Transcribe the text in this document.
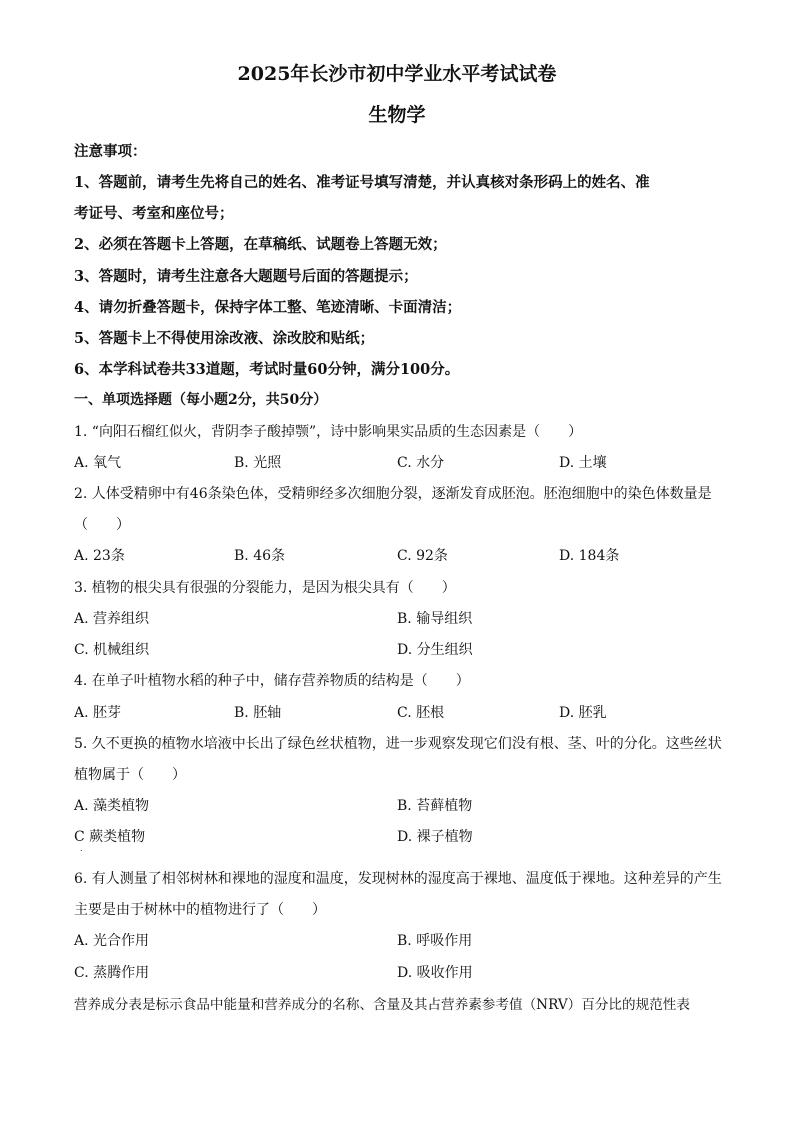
2025年长沙市初中学业水平考试试卷
生物学
注意事项：
1、答题前，请考生先将自己的姓名、准考证号填写清楚，并认真核对条形码上的姓名、准
考证号、考室和座位号；
2、必须在答题卡上答题，在草稿纸、试题卷上答题无效；
3、答题时，请考生注意各大题题号后面的答题提示；
4、请勿折叠答题卡，保持字体工整、笔迹清晰、卡面清洁；
5、答题卡上不得使用涂改液、涂改胶和贴纸；
6、本学科试卷共33道题，考试时量60分钟，满分100分。
一、单项选择题（每小题2分，共50分）
1. “向阳石榴红似火，背阴李子酸掉颚”，诗中影响果实品质的生态因素是（　　）
A. 氧气	B. 光照	C. 水分	D. 土壤
2. 人体受精卵中有46条染色体，受精卵经多次细胞分裂，逐渐发育成胚泡。胚泡细胞中的染色体数量是
（　　）
A. 23条	B. 46条	C. 92条	D. 184条
3. 植物的根尖具有很强的分裂能力，是因为根尖具有（　　）
A. 营养组织	B. 输导组织
C. 机械组织	D. 分生组织
4. 在单子叶植物水稻的种子中，储存营养物质的结构是（　　）
A. 胚芽	B. 胚轴	C. 胚根	D. 胚乳
5. 久不更换的植物水培液中长出了绿色丝状植物，进一步观察发现它们没有根、茎、叶的分化。这些丝状
植物属于（　　）
A. 藻类植物	B. 苔藓植物
C 蕨类植物	D. 裸子植物
.
6. 有人测量了相邻树林和裸地的湿度和温度，发现树林的湿度高于裸地、温度低于裸地。这种差异的产生
主要是由于树林中的植物进行了（　　）
A. 光合作用	B. 呼吸作用
C. 蒸腾作用	D. 吸收作用
营养成分表是标示食品中能量和营养成分的名称、含量及其占营养素参考值（NRV）百分比的规范性表
